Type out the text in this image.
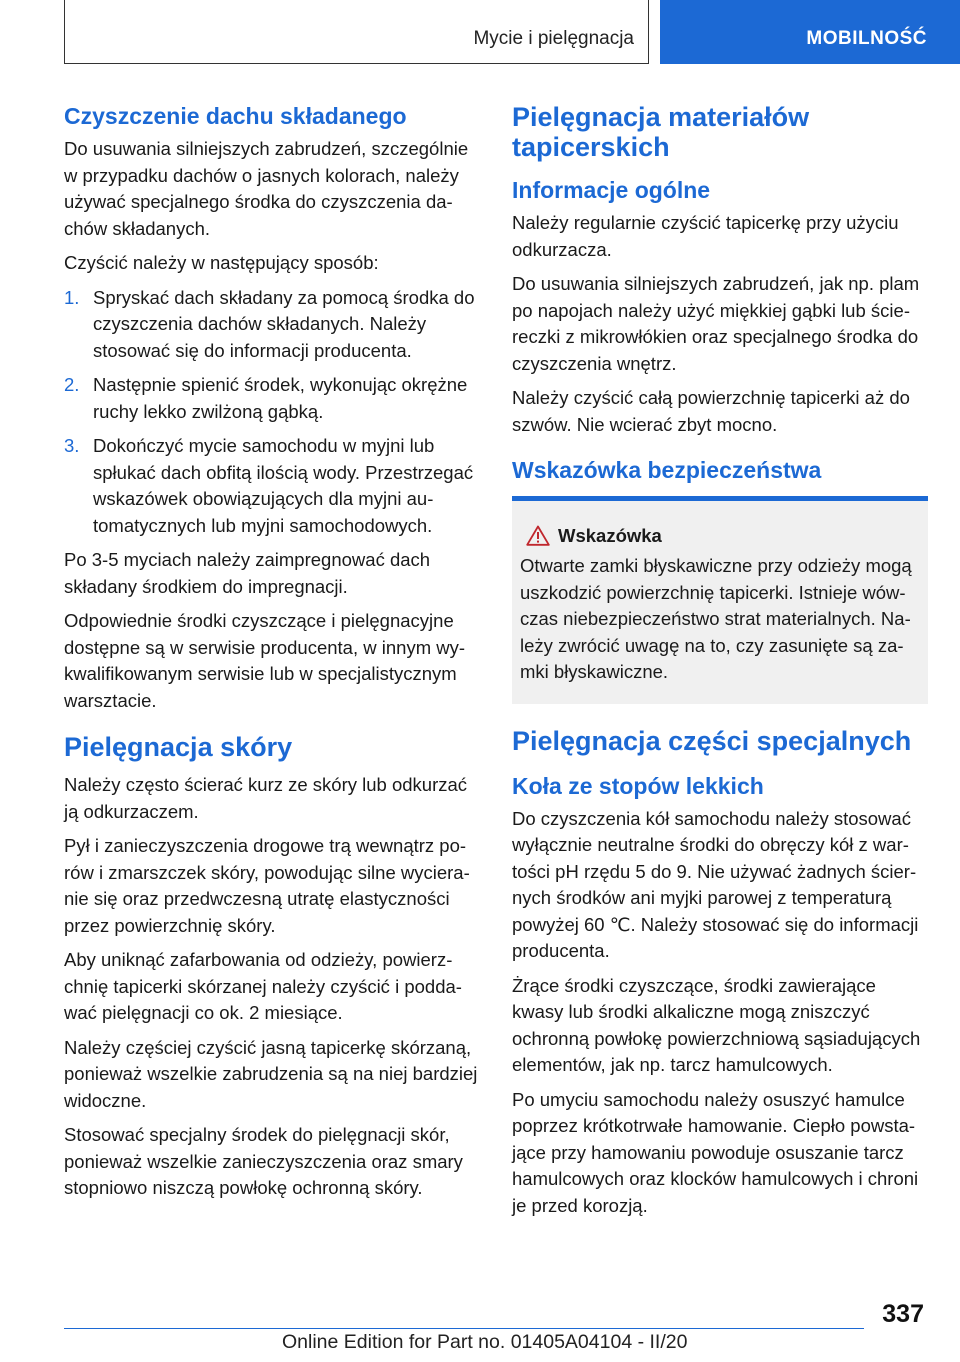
Mycie i pielęgnacja	MOBILNOŚĆ
Czyszczenie dachu składanego

Do usuwania silniejszych zabrudzeń, szczególnie w przypadku dachów o jasnych kolorach, należy używać specjalnego środka do czyszczenia dachów składanych.

Czyścić należy w następujący sposób:

1. Spryskać dach składany za pomocą środka do czyszczenia dachów składanych. Należy stosować się do informacji producenta.
2. Następnie spienić środek, wykonując okrężne ruchy lekko zwilżoną gąbką.
3. Dokończyć mycie samochodu w myjni lub spłukać dach obfitą ilością wody. Przestrzegać wskazówek obowiązujących dla myjni automatycznych lub myjni samochodowych.

Po 3-5 myciach należy zaimpregnować dach składany środkiem do impregnacji.

Odpowiednie środki czyszczące i pielęgnacyjne dostępne są w serwisie producenta, w innym wykwalifikowanym serwisie lub w specjalistycznym warsztacie.

Pielęgnacja skóry

Należy często ścierać kurz ze skóry lub odkurzać ją odkurzaczem.

Pył i zanieczyszczenia drogowe trą wewnątrz porów i zmarszczek skóry, powodując silne wycieranie się oraz przedwczesną utratę elastyczności przez powierzchnię skóry.

Aby uniknąć zafarbowania od odzieży, powierzchnię tapicerki skórzanej należy czyścić i poddawać pielęgnacji co ok. 2 miesiące.

Należy częściej czyścić jasną tapicerkę skórzaną, ponieważ wszelkie zabrudzenia są na niej bardziej widoczne.

Stosować specjalny środek do pielęgnacji skór, ponieważ wszelkie zanieczyszczenia oraz smary stopniowo niszczą powłokę ochronną skóry.

Pielęgnacja materiałów tapicerskich
Informacje ogólne

Należy regularnie czyścić tapicerkę przy użyciu odkurzacza.

Do usuwania silniejszych zabrudzeń, jak np. plam po napojach należy użyć miękkiej gąbki lub ściereczki z mikrowłókien oraz specjalnego środka do czyszczenia wnętrz.

Należy czyścić całą powierzchnię tapicerki aż do szwów. Nie wcierać zbyt mocno.

Wskazówka bezpieczeństwa
Wskazówka

Otwarte zamki błyskawiczne przy odzieży mogą uszkodzić powierzchnię tapicerki. Istnieje wówczas niebezpieczeństwo strat materialnych. Należy zwrócić uwagę na to, czy zasunięte są zamki błyskawiczne.

Pielęgnacja części specjalnych
Koła ze stopów lekkich

Do czyszczenia kół samochodu należy stosować wyłącznie neutralne środki do obręczy kół z wartości pH rzędu 5 do 9. Nie używać żadnych ściernych środków ani myjki parowej z temperaturą powyżej 60 ℃. Należy stosować się do informacji producenta.

Żrące środki czyszczące, środki zawierające kwasy lub środki alkaliczne mogą zniszczyć ochronną powłokę powierzchniową sąsiadujących elementów, jak np. tarcz hamulcowych.

Po umyciu samochodu należy osuszyć hamulce poprzez krótkotrwałe hamowanie. Ciepło powstające przy hamowaniu powoduje osuszanie tarcz hamulcowych oraz klocków hamulcowych i chroni je przed korozją.

337
Online Edition for Part no. 01405A04104 - II/20
